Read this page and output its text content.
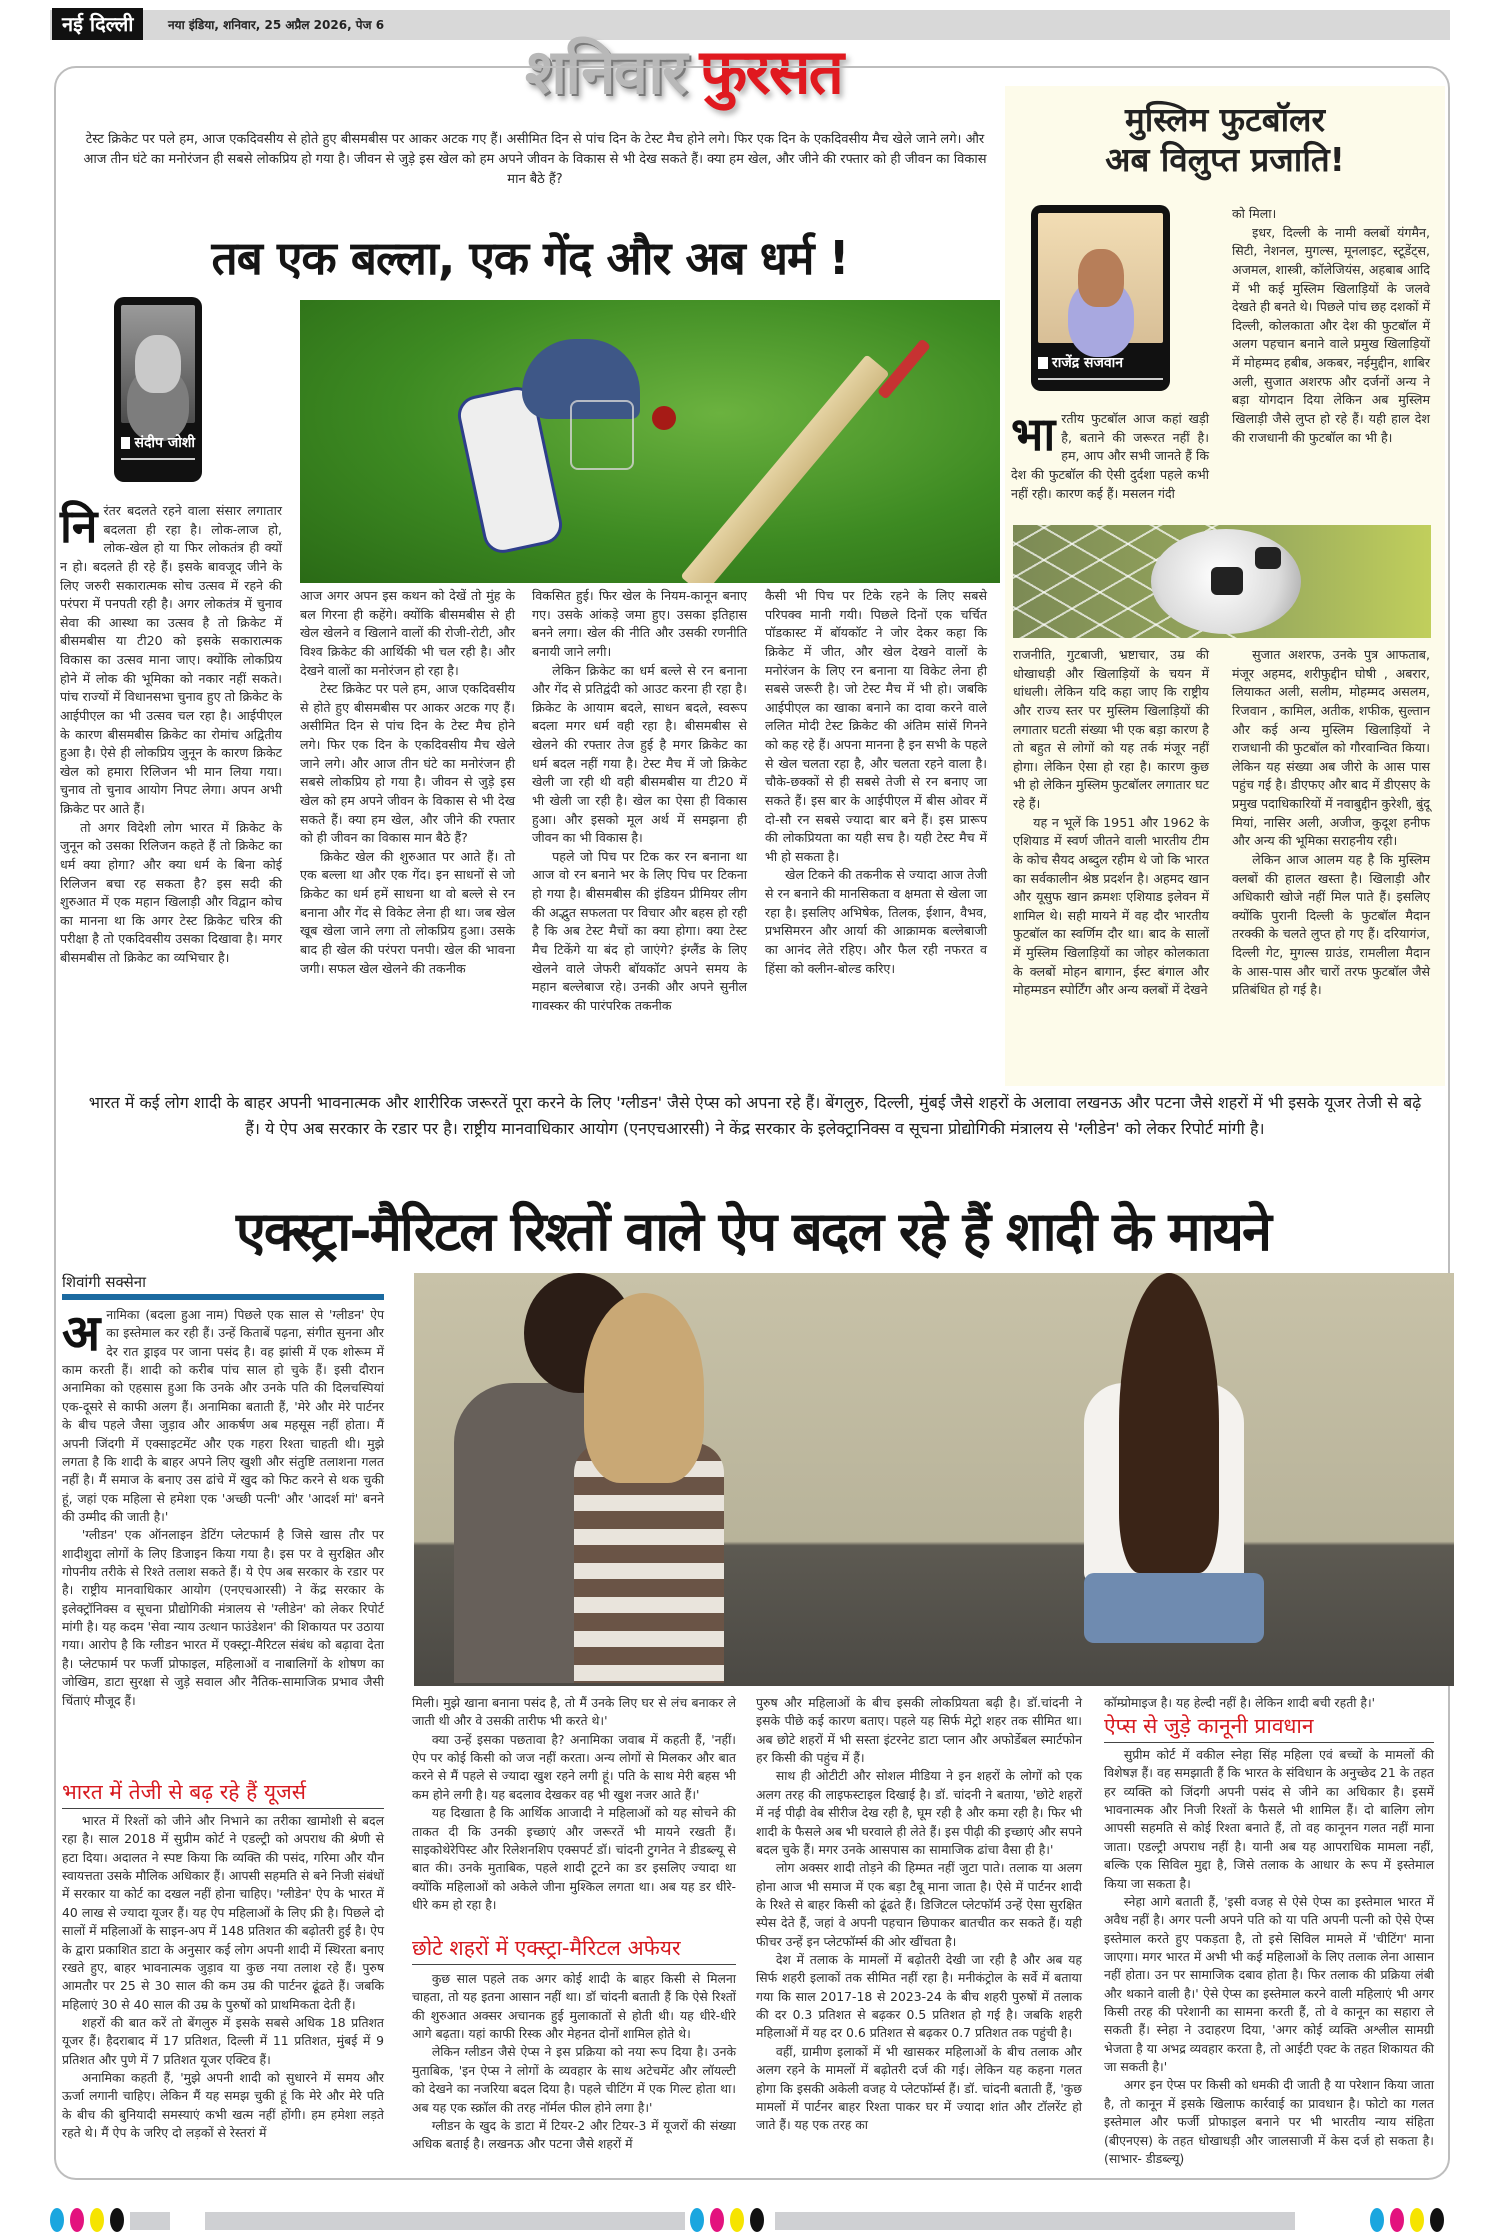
नई दिल्ली	नया इंडिया, शनिवार, 25 अप्रैल 2026, पेज 6
शनिवार फुरसत
टेस्ट क्रिकेट पर पले हम, आज एकदिवसीय से होते हुए बीसमबीस पर आकर अटक गए हैं। असीमित दिन से पांच दिन के टेस्ट मैच होने लगे। फिर एक दिन के एकदिवसीय मैच खेले जाने लगे। और आज तीन घंटे का मनोरंजन ही सबसे लोकप्रिय हो गया है। जीवन से जुड़े इस खेल को हम अपने जीवन के विकास से भी देख सकते हैं। क्या हम खेल, और जीने की रफ्तार को ही जीवन का विकास मान बैठे हैं?
तब एक बल्ला, एक गेंद और अब धर्म !
संदीप जोशी

निरंतर बदलते रहने वाला संसार लगातार बदलता ही रहा है। लोक-लाज हो, लोक-खेल हो या फिर लोकतंत्र ही क्यों न हो। बदलते ही रहे हैं। इसके बावजूद जीने के लिए जरुरी सकारात्मक सोच उत्सव में रहने की परंपरा में पनपती रही है। अगर लोकतंत्र में चुनाव सेवा की आस्था का उत्सव है तो क्रिकेट में बीसमबीस या टी20 को इसके सकारात्मक विकास का उत्सव माना जाए। क्योंकि लोकप्रिय होने में लोक की भूमिका को नकार नहीं सकते। पांच राज्यों में विधानसभा चुनाव हुए तो क्रिकेट के आईपीएल का भी उत्सव चल रहा है। आईपीएल के कारण बीसमबीस क्रिकेट का रोमांच अद्वितीय हुआ है। ऐसे ही लोकप्रिय जुनून के कारण क्रिकेट खेल को हमारा रिलिजन भी मान लिया गया। चुनाव तो चुनाव आयोग निपट लेगा। अपन अभी क्रिकेट पर आते हैं।

तो अगर विदेशी लोग भारत में क्रिकेट के जुनून को उसका रिलिजन कहते हैं तो क्रिकेट का धर्म क्या होगा? और क्या धर्म के बिना कोई रिलिजन बचा रह सकता है? इस सदी की शुरुआत में एक महान खिलाड़ी और विद्वान कोच का मानना था कि अगर टेस्ट क्रिकेट चरित्र की परीक्षा है तो एकदिवसीय उसका दिखावा है। मगर बीसमबीस तो क्रिकेट का व्यभिचार है।

आज अगर अपन इस कथन को देखें तो मुंह के बल गिरना ही कहेंगे। क्योंकि बीसमबीस से ही खेल खेलने व खिलाने वालों की रोजी-रोटी, और विश्व क्रिकेट की आर्थिकी भी चल रही है। और देखने वालों का मनोरंजन हो रहा है।

टेस्ट क्रिकेट पर पले हम, आज एकदिवसीय से होते हुए बीसमबीस पर आकर अटक गए हैं। असीमित दिन से पांच दिन के टेस्ट मैच होने लगे। फिर एक दिन के एकदिवसीय मैच खेले जाने लगे। और आज तीन घंटे का मनोरंजन ही सबसे लोकप्रिय हो गया है। जीवन से जुड़े इस खेल को हम अपने जीवन के विकास से भी देख सकते हैं। क्या हम खेल, और जीने की रफ्तार को ही जीवन का विकास मान बैठे हैं?

क्रिकेट खेल की शुरुआत पर आते हैं। तो एक बल्ला था और एक गेंद। इन साधनों से जो क्रिकेट का धर्म हमें साधना था वो बल्ले से रन बनाना और गेंद से विकेट लेना ही था। जब खेल खूब खेला जाने लगा तो लोकप्रिय हुआ। उसके बाद ही खेल की परंपरा पनपी। खेल की भावना जगी। सफल खेल खेलने की तकनीक

विकसित हुई। फिर खेल के नियम-कानून बनाए गए। उसके आंकड़े जमा हुए। उसका इतिहास बनने लगा। खेल की नीति और उसकी रणनीति बनायी जाने लगी।

लेकिन क्रिकेट का धर्म बल्ले से रन बनाना और गेंद से प्रतिद्वंदी को आउट करना ही रहा है। क्रिकेट के आयाम बदले, साधन बदले, स्वरूप बदला मगर धर्म वही रहा है। बीसमबीस से खेलने की रफ्तार तेज हुई है मगर क्रिकेट का धर्म बदल नहीं गया है। टेस्ट मैच में जो क्रिकेट खेली जा रही थी वही बीसमबीस या टी20 में भी खेली जा रही है। खेल का ऐसा ही विकास हुआ। और इसको मूल अर्थ में समझना ही जीवन का भी विकास है।

पहले जो पिच पर टिक कर रन बनाना था आज वो रन बनाने भर के लिए पिच पर टिकना हो गया है। बीसमबीस की इंडियन प्रीमियर लीग की अद्भुत सफलता पर विचार और बहस हो रही है कि अब टेस्ट मैचों का क्या होगा। क्या टेस्ट मैच टिकेंगे या बंद हो जाएंगे? इंग्लैंड के लिए खेलने वाले जेफरी बॉयकॉट अपने समय के महान बल्लेबाज रहे। उनकी और अपने सुनील गावस्कर की पारंपरिक तकनीक

कैसी भी पिच पर टिके रहने के लिए सबसे परिपक्व मानी गयी। पिछले दिनों एक चर्चित पॉडकास्ट में बॉयकॉट ने जोर देकर कहा कि क्रिकेट में जीत, और खेल देखने वालों के मनोरंजन के लिए रन बनाना या विकेट लेना ही सबसे जरूरी है। जो टेस्ट मैच में भी हो। जबकि आईपीएल का खाका बनाने का दावा करने वाले ललित मोदी टेस्ट क्रिकेट की अंतिम सांसें गिनने को कह रहे हैं। अपना मानना है इन सभी के पहले से खेल चलता रहा है, और चलता रहने वाला है। चौके-छक्कों से ही सबसे तेजी से रन बनाए जा सकते हैं। इस बार के आईपीएल में बीस ओवर में दो-सौ रन सबसे ज्यादा बार बने हैं। इस प्रारूप की लोकप्रियता का यही सच है। यही टेस्ट मैच में भी हो सकता है।

खेल टिकने की तकनीक से ज्यादा आज तेजी से रन बनाने की मानसिकता व क्षमता से खेला जा रहा है। इसलिए अभिषेक, तिलक, ईशान, वैभव, प्रभसिमरन और आर्या की आक्रामक बल्लेबाजी का आनंद लेते रहिए। और फैल रही नफरत व हिंसा को क्लीन-बोल्ड करिए।

मुस्लिम फुटबॉलर
अब विलुप्त प्रजाति!
राजेंद्र सजवान

भारतीय फुटबॉल आज कहां खड़ी है, बताने की जरूरत नहीं है। हम, आप और सभी जानते हैं कि देश की फुटबॉल की ऐसी दुर्दशा पहले कभी नहीं रही। कारण कई हैं। मसलन गंदी

को मिला।

इधर, दिल्ली के नामी क्लबों यंगमैन, सिटी, नेशनल, मुगल्स, मूनलाइट, स्टूडेंट्स, अजमल, शास्त्री, कॉलेजियंस, अहबाब आदि में भी कई मुस्लिम खिलाड़ियों के जलवे देखते ही बनते थे। पिछले पांच छह दशकों में दिल्ली, कोलकाता और देश की फुटबॉल में अलग पहचान बनाने वाले प्रमुख खिलाड़ियों में मोहम्मद हबीब, अकबर, नईमुद्दीन, शाबिर अली, सुजात अशरफ और दर्जनों अन्य ने बड़ा योगदान दिया लेकिन अब मुस्लिम खिलाड़ी जैसे लुप्त हो रहे हैं। यही हाल देश की राजधानी की फुटबॉल का भी है।

राजनीति, गुटबाजी, भ्रष्टाचार, उम्र की धोखाधड़ी और खिलाड़ियों के चयन में धांधली। लेकिन यदि कहा जाए कि राष्ट्रीय और राज्य स्तर पर मुस्लिम खिलाड़ियों की लगातार घटती संख्या भी एक बड़ा कारण है तो बहुत से लोगों को यह तर्क मंजूर नहीं होगा। लेकिन ऐसा हो रहा है। कारण कुछ भी हो लेकिन मुस्लिम फुटबॉलर लगातार घट रहे हैं।

यह न भूलें कि 1951 और 1962 के एशियाड में स्वर्ण जीतने वाली भारतीय टीम के कोच सैयद अब्दुल रहीम थे जो कि भारत का सर्वकालीन श्रेष्ठ प्रदर्शन है। अहमद खान और यूसुफ खान क्रमशः एशियाड इलेवन में शामिल थे। सही मायने में वह दौर भारतीय फुटबॉल का स्वर्णिम दौर था। बाद के सालों में मुस्लिम खिलाड़ियों का जोहर कोलकाता के क्लबों मोहन बागान, ईस्ट बंगाल और मोहम्मडन स्पोर्टिंग और अन्य क्लबों में देखने

सुजात अशरफ, उनके पुत्र आफताब, मंजूर अहमद, शरीफुद्दीन घोषी , अबरार, लियाकत अली, सलीम, मोहम्मद असलम, रिजवान , कामिल, अतीक, शफीक, सुल्तान और कई अन्य मुस्लिम खिलाड़ियों ने राजधानी की फुटबॉल को गौरवान्वित किया। लेकिन यह संख्या अब जीरो के आस पास पहुंच गई है। डीएफए और बाद में डीएसए के प्रमुख पदाधिकारियों में नवाबुद्दीन कुरेशी, बुंदू मियां, नासिर अली, अजीज, कुदूश हनीफ और अन्य की भूमिका सराहनीय रही।

लेकिन आज आलम यह है कि मुस्लिम क्लबों की हालत खस्ता है। खिलाड़ी और अधिकारी खोजे नहीं मिल पाते हैं। इसलिए क्योंकि पुरानी दिल्ली के फुटबॉल मैदान तरक्की के चलते लुप्त हो गए हैं। दरियागंज, दिल्ली गेट, मुगल्स ग्राउंड, रामलीला मैदान के आस-पास और चारों तरफ फुटबॉल जैसे प्रतिबंधित हो गई है।

भारत में कई लोग शादी के बाहर अपनी भावनात्मक और शारीरिक जरूरतें पूरा करने के लिए 'ग्लीडन' जैसे ऐप्स को अपना रहे हैं। बेंगलुरु, दिल्ली, मुंबई जैसे शहरों के अलावा लखनऊ और पटना जैसे शहरों में भी इसके यूजर तेजी से बढ़े हैं। ये ऐप अब सरकार के रडार पर है। राष्ट्रीय मानवाधिकार आयोग (एनएचआरसी) ने केंद्र सरकार के इलेक्ट्रानिक्स व सूचना प्रोद्योगिकी मंत्रालय से 'ग्लीडेन' को लेकर रिपोर्ट मांगी है।
एक्स्ट्रा-मैरिटल रिश्तों वाले ऐप बदल रहे हैं शादी के मायने
शिवांगी सक्सेना

अनामिका (बदला हुआ नाम) पिछले एक साल से 'ग्लीडन' ऐप का इस्तेमाल कर रही हैं। उन्हें किताबें पढ़ना, संगीत सुनना और देर रात ड्राइव पर जाना पसंद है। वह झांसी में एक शोरूम में काम करती हैं। शादी को करीब पांच साल हो चुके हैं। इसी दौरान अनामिका को एहसास हुआ कि उनके और उनके पति की दिलचस्पियां एक-दूसरे से काफी अलग हैं। अनामिका बताती हैं, 'मेरे और मेरे पार्टनर के बीच पहले जैसा जुड़ाव और आकर्षण अब महसूस नहीं होता। मैं अपनी जिंदगी में एक्साइटमेंट और एक गहरा रिश्ता चाहती थी। मुझे लगता है कि शादी के बाहर अपने लिए खुशी और संतुष्टि तलाशना गलत नहीं है। मैं समाज के बनाए उस ढांचे में खुद को फिट करने से थक चुकी हूं, जहां एक महिला से हमेशा एक 'अच्छी पत्नी' और 'आदर्श मां' बनने की उम्मीद की जाती है।'

'ग्लीडन' एक ऑनलाइन डेटिंग प्लेटफार्म है जिसे खास तौर पर शादीशुदा लोगों के लिए डिजाइन किया गया है। इस पर वे सुरक्षित और गोपनीय तरीके से रिश्ते तलाश सकते हैं। ये ऐप अब सरकार के रडार पर है। राष्ट्रीय मानवाधिकार आयोग (एनएचआरसी) ने केंद्र सरकार के इलेक्ट्रॉनिक्स व सूचना प्रौद्योगिकी मंत्रालय से 'ग्लीडेन' को लेकर रिपोर्ट मांगी है। यह कदम 'सेवा न्याय उत्थान फाउंडेशन' की शिकायत पर उठाया गया। आरोप है कि ग्लीडन भारत में एक्स्ट्रा-मैरिटल संबंध को बढ़ावा देता है। प्लेटफार्म पर फर्जी प्रोफाइल, महिलाओं व नाबालिगों के शोषण का जोखिम, डाटा सुरक्षा से जुड़े सवाल और नैतिक-सामाजिक प्रभाव जैसी चिंताएं मौजूद हैं।

भारत में तेजी से बढ़ रहे हैं यूजर्स

भारत में रिश्तों को जीने और निभाने का तरीका खामोशी से बदल रहा है। साल 2018 में सुप्रीम कोर्ट ने एडल्ट्री को अपराध की श्रेणी से हटा दिया। अदालत ने स्पष्ट किया कि व्यक्ति की पसंद, गरिमा और यौन स्वायत्तता उसके मौलिक अधिकार हैं। आपसी सहमति से बने निजी संबंधों में सरकार या कोर्ट का दखल नहीं होना चाहिए। 'ग्लीडेन' ऐप के भारत में 40 लाख से ज्यादा यूजर हैं। यह ऐप महिलाओं के लिए फ्री है। पिछले दो सालों में महिलाओं के साइन-अप में 148 प्रतिशत की बढ़ोतरी हुई है। ऐप के द्वारा प्रकाशित डाटा के अनुसार कई लोग अपनी शादी में स्थिरता बनाए रखते हुए, बाहर भावनात्मक जुड़ाव या कुछ नया तलाश रहे हैं। पुरुष आमतौर पर 25 से 30 साल की कम उम्र की पार्टनर ढूंढते हैं। जबकि महिलाएं 30 से 40 साल की उम्र के पुरुषों को प्राथमिकता देती हैं।

शहरों की बात करें तो बेंगलुरु में इसके सबसे अधिक 18 प्रतिशत यूजर हैं। हैदराबाद में 17 प्रतिशत, दिल्ली में 11 प्रतिशत, मुंबई में 9 प्रतिशत और पुणे में 7 प्रतिशत यूजर एक्टिव हैं।

अनामिका कहती हैं, 'मुझे अपनी शादी को सुधारने में समय और ऊर्जा लगानी चाहिए। लेकिन मैं यह समझ चुकी हूं कि मेरे और मेरे पति के बीच की बुनियादी समस्याएं कभी खत्म नहीं होंगी। हम हमेशा लड़ते रहते थे। मैं ऐप के जरिए दो लड़कों से रेस्तरां में

मिली। मुझे खाना बनाना पसंद है, तो मैं उनके लिए घर से लंच बनाकर ले जाती थी और वे उसकी तारीफ भी करते थे।'

क्या उन्हें इसका पछतावा है? अनामिका जवाब में कहती हैं, 'नहीं। ऐप पर कोई किसी को जज नहीं करता। अन्य लोगों से मिलकर और बात करने से मैं पहले से ज्यादा खुश रहने लगी हूं। पति के साथ मेरी बहस भी कम होने लगी है। यह बदलाव देखकर वह भी खुश नजर आते हैं।'

यह दिखाता है कि आर्थिक आजादी ने महिलाओं को यह सोचने की ताकत दी कि उनकी इच्छाएं और जरूरतें भी मायने रखती हैं। साइकोथेरेपिस्ट और रिलेशनशिप एक्सपर्ट डॉ। चांदनी टुगनेत ने डीडब्ल्यू से बात की। उनके मुताबिक, पहले शादी टूटने का डर इसलिए ज्यादा था क्योंकि महिलाओं को अकेले जीना मुश्किल लगता था। अब यह डर धीरे-धीरे कम हो रहा है।

छोटे शहरों में एक्स्ट्रा-मैरिटल अफेयर

कुछ साल पहले तक अगर कोई शादी के बाहर किसी से मिलना चाहता, तो यह इतना आसान नहीं था। डॉ चांदनी बताती हैं कि ऐसे रिश्तों की शुरुआत अक्सर अचानक हुई मुलाकातों से होती थी। यह धीरे-धीरे आगे बढ़ता। यहां काफी रिस्क और मेहनत दोनों शामिल होते थे।

लेकिन ग्लीडन जैसे ऐप्स ने इस प्रक्रिया को नया रूप दिया है। उनके मुताबिक, 'इन ऐप्स ने लोगों के व्यवहार के साथ अटेचमेंट और लॉयल्टी को देखने का नजरिया बदल दिया है। पहले चीटिंग में एक गिल्ट होता था। अब यह एक स्क्रॉल की तरह नॉर्मल फील होने लगा है।'

ग्लीडन के खुद के डाटा में टियर-2 और टियर-3 में यूजरों की संख्या अधिक बताई है। लखनऊ और पटना जैसे शहरों में

पुरुष और महिलाओं के बीच इसकी लोकप्रियता बढ़ी है। डॉ.चांदनी ने इसके पीछे कई कारण बताए। पहले यह सिर्फ मेट्रो शहर तक सीमित था। अब छोटे शहरों में भी सस्ता इंटरनेट डाटा प्लान और अफोर्डेबल स्मार्टफोन हर किसी की पहुंच में हैं।

साथ ही ओटीटी और सोशल मीडिया ने इन शहरों के लोगों को एक अलग तरह की लाइफस्टाइल दिखाई है। डॉ. चांदनी ने बताया, 'छोटे शहरों में नई पीढ़ी वेब सीरीज देख रही है, घूम रही है और कमा रही है। फिर भी शादी के फैसले अब भी घरवाले ही लेते हैं। इस पीढ़ी की इच्छाएं और सपने बदल चुके हैं। मगर उनके आसपास का सामाजिक ढांचा वैसा ही है।'

लोग अक्सर शादी तोड़ने की हिम्मत नहीं जुटा पाते। तलाक या अलग होना आज भी समाज में एक बड़ा टैबू माना जाता है। ऐसे में पार्टनर शादी के रिश्ते से बाहर किसी को ढूंढते हैं। डिजिटल प्लेटफॉर्म उन्हें ऐसा सुरक्षित स्पेस देते हैं, जहां वे अपनी पहचान छिपाकर बातचीत कर सकते हैं। यही फीचर उन्हें इन प्लेटफॉर्म्स की ओर खींचता है।

देश में तलाक के मामलों में बढ़ोतरी देखी जा रही है और अब यह सिर्फ शहरी इलाकों तक सीमित नहीं रहा है। मनीकंट्रोल के सर्वे में बताया गया कि साल 2017-18 से 2023-24 के बीच शहरी पुरुषों में तलाक की दर 0.3 प्रतिशत से बढ़कर 0.5 प्रतिशत हो गई है। जबकि शहरी महिलाओं में यह दर 0.6 प्रतिशत से बढ़कर 0.7 प्रतिशत तक पहुंची है।

वहीं, ग्रामीण इलाकों में भी खासकर महिलाओं के बीच तलाक और अलग रहने के मामलों में बढ़ोतरी दर्ज की गई। लेकिन यह कहना गलत होगा कि इसकी अकेली वजह ये प्लेटफॉर्म्स हैं। डॉ. चांदनी बताती हैं, 'कुछ मामलों में पार्टनर बाहर रिश्ता पाकर घर में ज्यादा शांत और टॉलरेंट हो जाते हैं। यह एक तरह का

कॉम्प्रोमाइज है। यह हेल्दी नहीं है। लेकिन शादी बची रहती है।'

ऐप्स से जुड़े कानूनी प्रावधान

सुप्रीम कोर्ट में वकील स्नेहा सिंह महिला एवं बच्चों के मामलों की विशेषज्ञ हैं। वह समझाती हैं कि भारत के संविधान के अनुच्छेद 21 के तहत हर व्यक्ति को जिंदगी अपनी पसंद से जीने का अधिकार है। इसमें भावनात्मक और निजी रिश्तों के फैसले भी शामिल हैं। दो बालिग लोग आपसी सहमति से कोई रिश्ता बनाते हैं, तो वह कानूनन गलत नहीं माना जाता। एडल्ट्री अपराध नहीं है। यानी अब यह आपराधिक मामला नहीं, बल्कि एक सिविल मुद्दा है, जिसे तलाक के आधार के रूप में इस्तेमाल किया जा सकता है।

स्नेहा आगे बताती हैं, 'इसी वजह से ऐसे ऐप्स का इस्तेमाल भारत में अवैध नहीं है। अगर पत्नी अपने पति को या पति अपनी पत्नी को ऐसे ऐप्स इस्तेमाल करते हुए पकड़ता है, तो इसे सिविल मामले में 'चीटिंग' माना जाएगा। मगर भारत में अभी भी कई महिलाओं के लिए तलाक लेना आसान नहीं होता। उन पर सामाजिक दबाव होता है। फिर तलाक की प्रक्रिया लंबी और थकाने वाली है।' ऐसे ऐप्स का इस्तेमाल करने वाली महिलाएं भी अगर किसी तरह की परेशानी का सामना करती हैं, तो वे कानून का सहारा ले सकती हैं। स्नेहा ने उदाहरण दिया, 'अगर कोई व्यक्ति अश्लील सामग्री भेजता है या अभद्र व्यवहार करता है, तो आईटी एक्ट के तहत शिकायत की जा सकती है।'

अगर इन ऐप्स पर किसी को धमकी दी जाती है या परेशान किया जाता है, तो कानून में इसके खिलाफ कार्रवाई का प्रावधान है। फोटो का गलत इस्तेमाल और फर्जी प्रोफाइल बनाने पर भी भारतीय न्याय संहिता (बीएनएस) के तहत धोखाधड़ी और जालसाजी में केस दर्ज हो सकता है। (साभार- डीडब्ल्यू)
